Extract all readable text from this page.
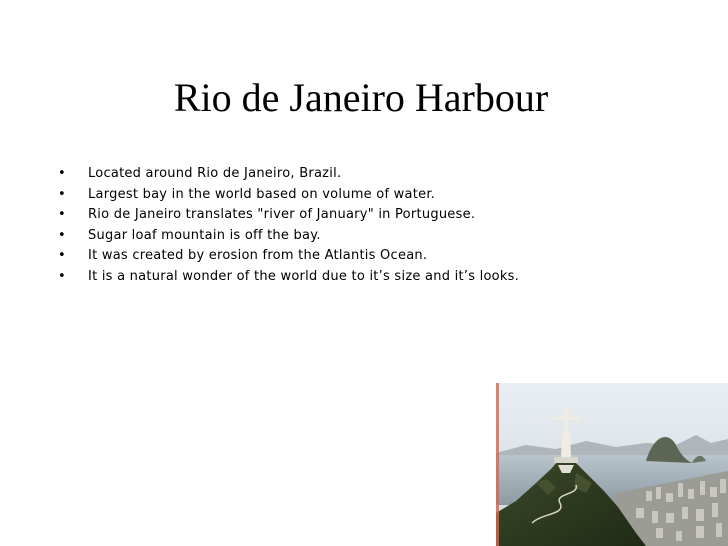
Rio de Janeiro Harbour
• Located around Rio de Janeiro, Brazil.
• Largest bay in the world based on volume of water.
• Rio de Janeiro translates "river of January" in Portuguese.
• Sugar loaf mountain is off the bay.
• It was created by erosion from the Atlantis Ocean.
• It is a natural wonder of the world due to it’s size and it’s looks.
